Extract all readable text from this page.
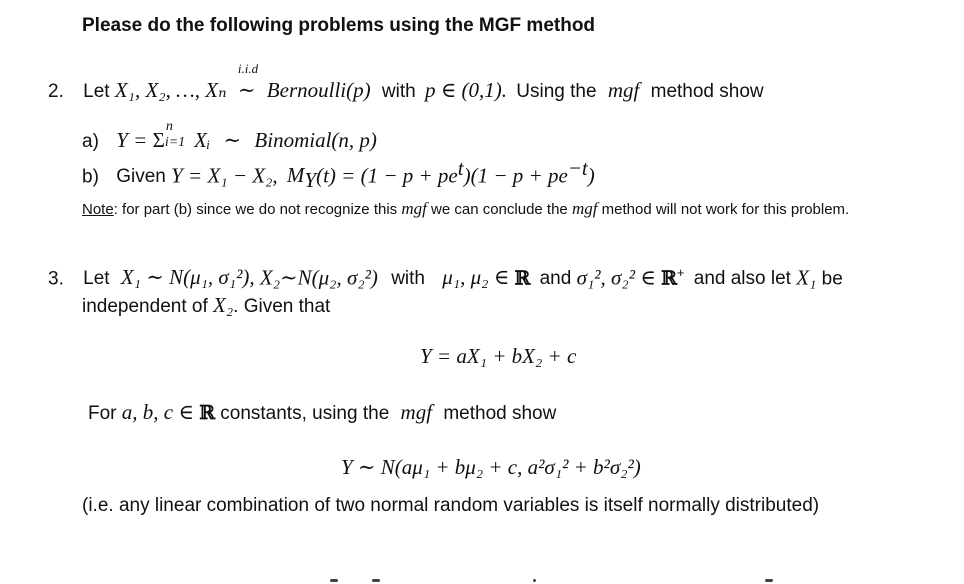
Please do the following problems using the MGF method
2. Let X₁, X₂, …, Xₙ
i.i.d
∼ Bernoulli(p) with p ∈ (0,1). Using the mgf method show
a) Y = Σ
n
i=1 Xᵢ ∼ Binomial(n, p)
b) Given Y = X₁ − X₂, $M_Y(t) = (1 - p + pe^t)(1 - p + pe^{-t})$
Note: for part (b) since we do not recognize this mgf we can conclude the mgf method will not work for this problem.
3. Let X₁ ∼ N(μ₁, σ₁²), X₂∼N(μ₂, σ₂²) with μ₁, μ₂ ∈ ℝ and σ₁², σ₂² ∈ ℝ+ and also let X₁ be
independent of X₂. Given that
Y = aX₁ + bX₂ + c
For a, b, c ∈ ℝ constants, using the mgf method show
Y ∼ N(aμ₁ + bμ₂ + c, a²σ₁² + b²σ₂²)
(i.e. any linear combination of two normal random variables is itself normally distributed)
